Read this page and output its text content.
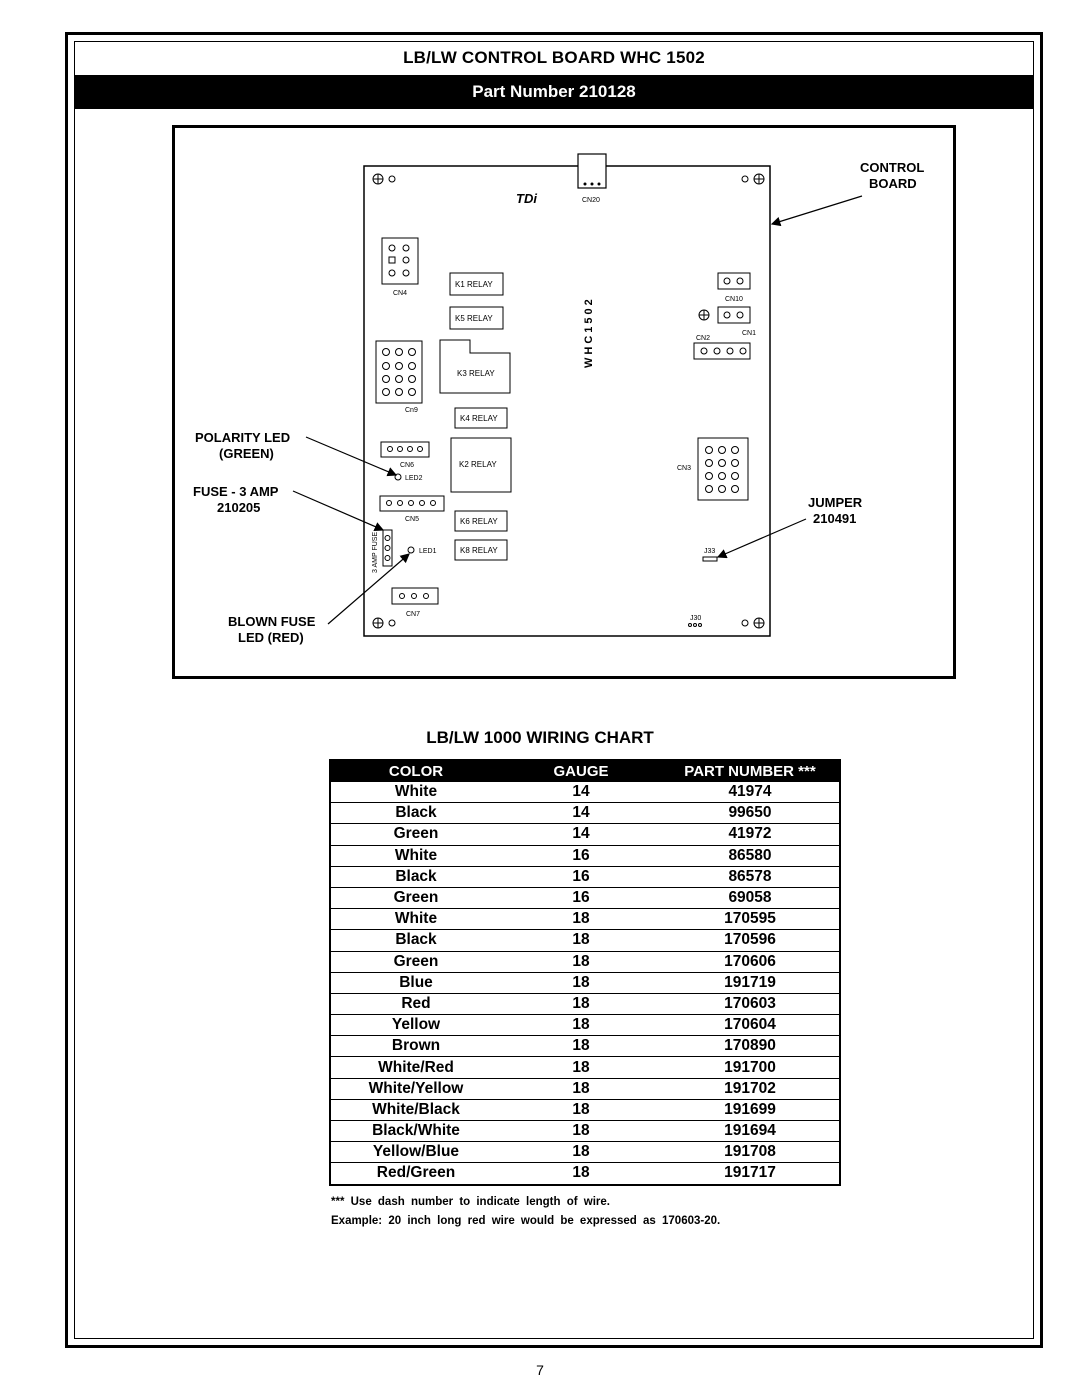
LB/LW CONTROL BOARD WHC 1502
Part Number 210128
CN20
TDi
CN4
K1 RELAY
K5 RELAY
K3 RELAY
K4 RELAY
K2 RELAY
K6 RELAY
K8 RELAY
WHC1502	CN10
CN1
CN2
Cn9
CN6
LED2
CN5
3 AMP FUSE	LED1
CN3
J33
CN7
J30
CONTROL
BOARD
POLARITY LED
(GREEN)
FUSE - 3 AMP
210205	JUMPER
210491
BLOWN FUSE
LED (RED)
LB/LW 1000 WIRING CHART
COLOR	GAUGE	PART NUMBER ***
White	14	41974
Black	14	99650
Green	14	41972
White	16	86580
Black	16	86578
Green	16	69058
White	18	170595
Black	18	170596
Green	18	170606
Blue	18	191719
Red	18	170603
Yellow	18	170604
Brown	18	170890
White/Red	18	191700
White/Yellow	18	191702
White/Black	18	191699
Black/White	18	191694
Yellow/Blue	18	191708
Red/Green	18	191717
*** Use dash number to indicate length of wire.
Example: 20 inch long red wire would be expressed as 170603-20.
7
